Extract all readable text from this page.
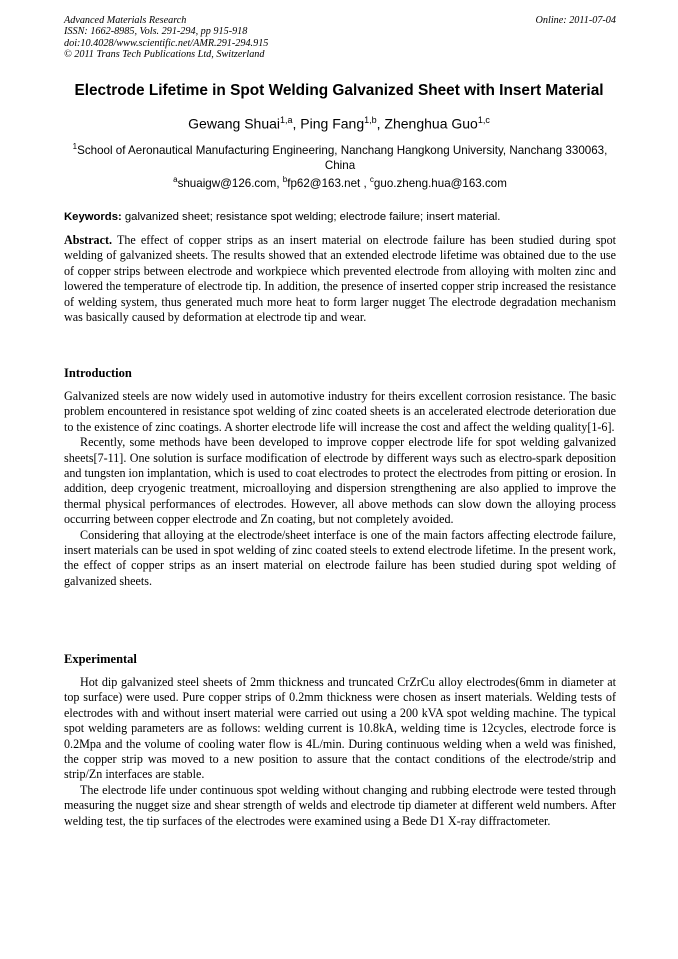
Advanced Materials Research
ISSN: 1662-8985, Vols. 291-294, pp 915-918
doi:10.4028/www.scientific.net/AMR.291-294.915
© 2011 Trans Tech Publications Ltd, Switzerland
Online: 2011-07-04
Electrode Lifetime in Spot Welding Galvanized Sheet with Insert Material
Gewang Shuai$^{1,a}$, Ping Fang$^{1,b}$, Zhenghua Guo$^{1,c}$
$^1$School of Aeronautical Manufacturing Engineering, Nanchang Hangkong University, Nanchang 330063, China
$^a$shuaigw@126.com, $^b$fp62@163.net , $^c$guo.zheng.hua@163.com
Keywords: galvanized sheet; resistance spot welding; electrode failure; insert material.
Abstract. The effect of copper strips as an insert material on electrode failure has been studied during spot welding of galvanized sheets. The results showed that an extended electrode lifetime was obtained due to the use of copper strips between electrode and workpiece which prevented electrode from alloying with molten zinc and lowered the temperature of electrode tip. In addition, the presence of inserted copper strip increased the resistance of welding system, thus generated much more heat to form larger nugget The electrode degradation mechanism was basically caused by deformation at electrode tip and wear.
Introduction

Galvanized steels are now widely used in automotive industry for theirs excellent corrosion resistance. The basic problem encountered in resistance spot welding of zinc coated sheets is an accelerated electrode deterioration due to the existence of zinc coatings. A shorter electrode life will increase the cost and affect the welding quality[1-6].

Recently, some methods have been developed to improve copper electrode life for spot welding galvanized sheets[7-11]. One solution is surface modification of electrode by different ways such as electro-spark deposition and tungsten ion implantation, which is used to coat electrodes to protect the electrodes from pitting or erosion. In addition, deep cryogenic treatment, microalloying and dispersion strengthening are also applied to improve the thermal physical performances of electrodes. However, all above methods can slow down the alloying process occurring between copper electrode and Zn coating, but not completely avoided.

Considering that alloying at the electrode/sheet interface is one of the main factors affecting electrode failure, insert materials can be used in spot welding of zinc coated steels to extend electrode lifetime. In the present work, the effect of copper strips as an insert material on electrode failure has been studied during spot welding of galvanized sheets.

Experimental

Hot dip galvanized steel sheets of 2mm thickness and truncated CrZrCu alloy electrodes(6mm in diameter at top surface) were used. Pure copper strips of 0.2mm thickness were chosen as insert materials. Welding tests of electrodes with and without insert material were carried out using a 200 kVA spot welding machine. The typical spot welding parameters are as follows: welding current is 10.8kA, welding time is 12cycles, electrode force is 0.2Mpa and the volume of cooling water flow is 4L/min. During continuous welding when a weld was finished, the copper strip was moved to a new position to assure that the contact conditions of the electrode/strip and strip/Zn interfaces are stable.

The electrode life under continuous spot welding without changing and rubbing electrode were tested through measuring the nugget size and shear strength of welds and electrode tip diameter at different weld numbers. After welding test, the tip surfaces of the electrodes were examined using a Bede D1 X-ray diffractometer.
